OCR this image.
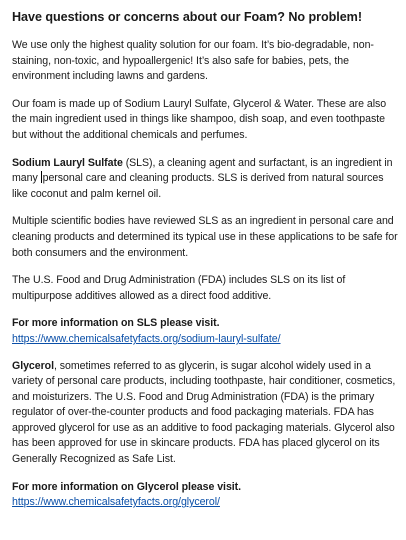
Have questions or concerns about our Foam? No problem!

We use only the highest quality solution for our foam. It’s bio-degradable, non-staining, non-toxic, and hypoallergenic! It’s also safe for babies, pets, the environment including lawns and gardens.

Our foam is made up of Sodium Lauryl Sulfate, Glycerol & Water. These are also the main ingredient used in things like shampoo, dish soap, and even toothpaste but without the additional chemicals and perfumes.

Sodium Lauryl Sulfate (SLS), a cleaning agent and surfactant, is an ingredient in many personal care and cleaning products. SLS is derived from natural sources like coconut and palm kernel oil.

Multiple scientific bodies have reviewed SLS as an ingredient in personal care and cleaning products and determined its typical use in these applications to be safe for both consumers and the environment.

The U.S. Food and Drug Administration (FDA) includes SLS on its list of multipurpose additives allowed as a direct food additive.

For more information on SLS please visit.
https://www.chemicalsafetyfacts.org/sodium-lauryl-sulfate/

Glycerol, sometimes referred to as glycerin, is sugar alcohol widely used in a variety of personal care products, including toothpaste, hair conditioner, cosmetics, and moisturizers. The U.S. Food and Drug Administration (FDA) is the primary regulator of over-the-counter products and food packaging materials. FDA has approved glycerol for use as an additive to food packaging materials. Glycerol also has been approved for use in skincare products. FDA has placed glycerol on its Generally Recognized as Safe List.

For more information on Glycerol please visit.
https://www.chemicalsafetyfacts.org/glycerol/
